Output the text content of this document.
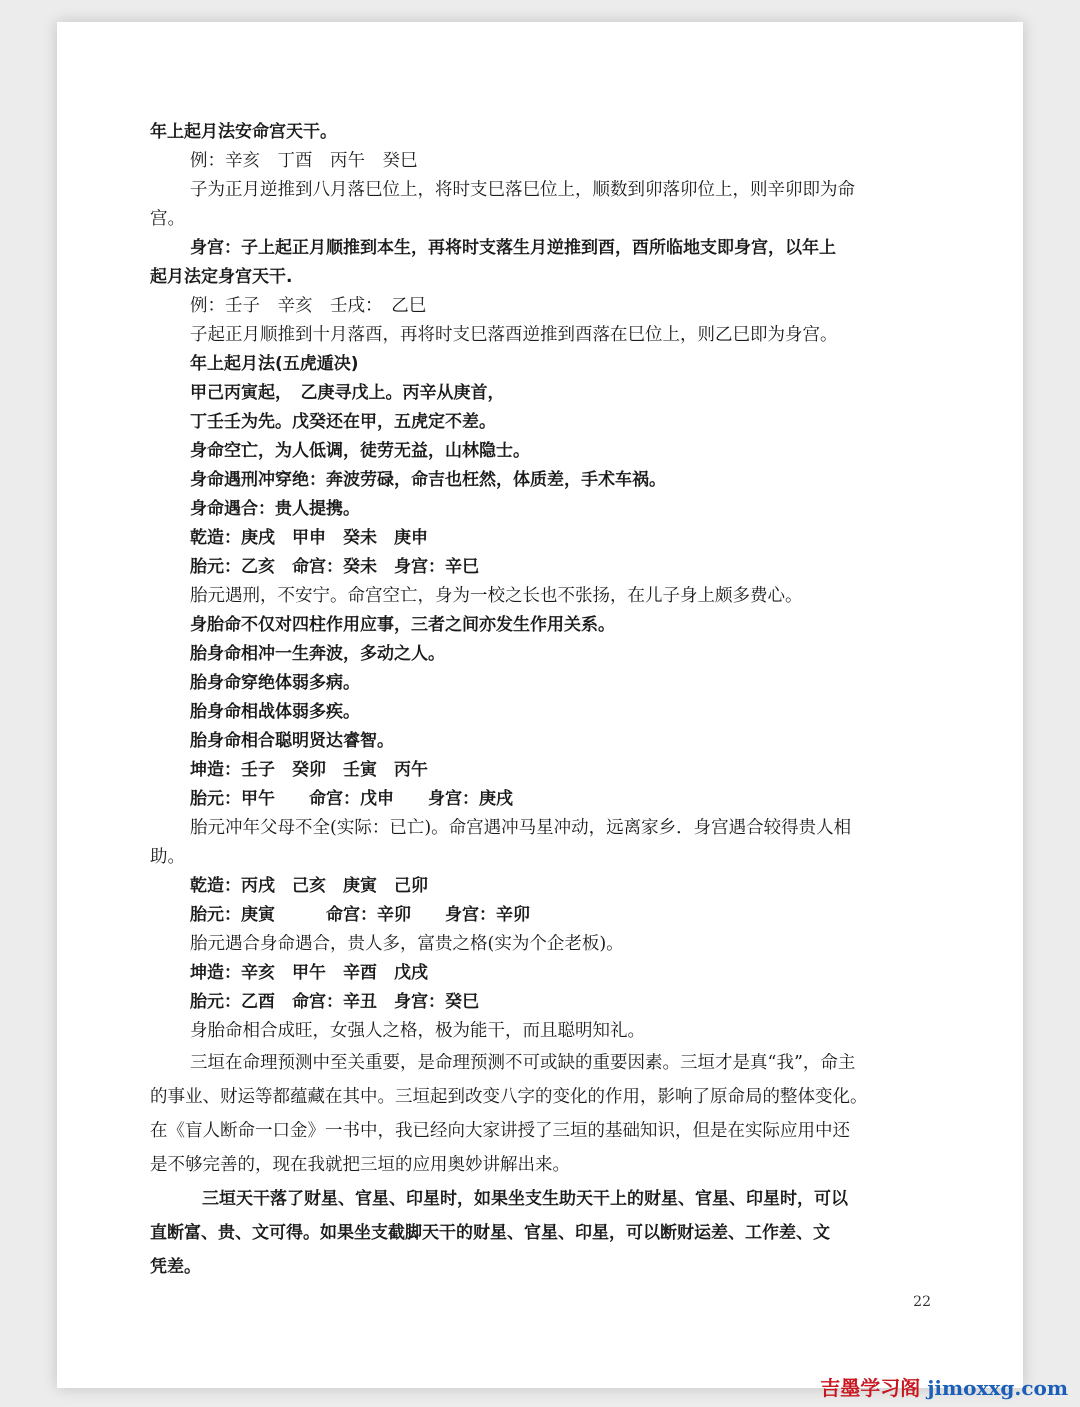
年上起月法安命宫天干。
例：辛亥　丁酉　丙午　癸巳
子为正月逆推到八月落巳位上，将时支巳落巳位上，顺数到卯落卯位上，则辛卯即为命
宫。
身宫：子上起正月顺推到本生，再将时支落生月逆推到酉，酉所临地支即身宫，以年上
起月法定身宫天干.
例：壬子　辛亥　壬戌：　乙巳
子起正月顺推到十月落酉，再将时支巳落酉逆推到酉落在巳位上，则乙巳即为身宫。
年上起月法(五虎遁决)
甲己丙寅起，　乙庚寻戊上。丙辛从庚首，
丁壬壬为先。戊癸还在甲，五虎定不差。
身命空亡，为人低调，徒劳无益，山林隐士。
身命遇刑冲穿绝：奔波劳碌，命吉也枉然，体质差，手术车祸。
身命遇合：贵人提携。
乾造：庚戌　甲申　癸未　庚申
胎元：乙亥　命宫：癸未　身宫：辛巳
胎元遇刑，不安宁。命宫空亡，身为一校之长也不张扬，在儿子身上颇多费心。
身胎命不仅对四柱作用应事，三者之间亦发生作用关系。
胎身命相冲一生奔波，多动之人。
胎身命穿绝体弱多病。
胎身命相战体弱多疾。
胎身命相合聪明贤达睿智。
坤造：壬子　癸卯　壬寅　丙午
胎元：甲午　　命宫：戊申　　身宫：庚戌
胎元冲年父母不全(实际：已亡)。命宫遇冲马星冲动，远离家乡．身宫遇合较得贵人相
助。
乾造：丙戌　己亥　庚寅　己卯
胎元：庚寅　　　命宫：辛卯　　身宫：辛卯
胎元遇合身命遇合，贵人多，富贵之格(实为个企老板)。
坤造：辛亥　甲午　辛酉　戊戌
胎元：乙酉　命宫：辛丑　身宫：癸巳
身胎命相合成旺，女强人之格，极为能干，而且聪明知礼。
三垣在命理预测中至关重要，是命理预测不可或缺的重要因素。三垣才是真“我”，命主
的事业、财运等都蕴藏在其中。三垣起到改变八字的变化的作用，影响了原命局的整体变化。
在《盲人断命一口金》一书中，我已经向大家讲授了三垣的基础知识，但是在实际应用中还
是不够完善的，现在我就把三垣的应用奥妙讲解出来。
三垣天干落了财星、官星、印星时，如果坐支生助天干上的财星、官星、印星时，可以
直断富、贵、文可得。如果坐支截脚天干的财星、官星、印星，可以断财运差、工作差、文
凭差。
22
吉墨学习阁 jimoxxg.com
